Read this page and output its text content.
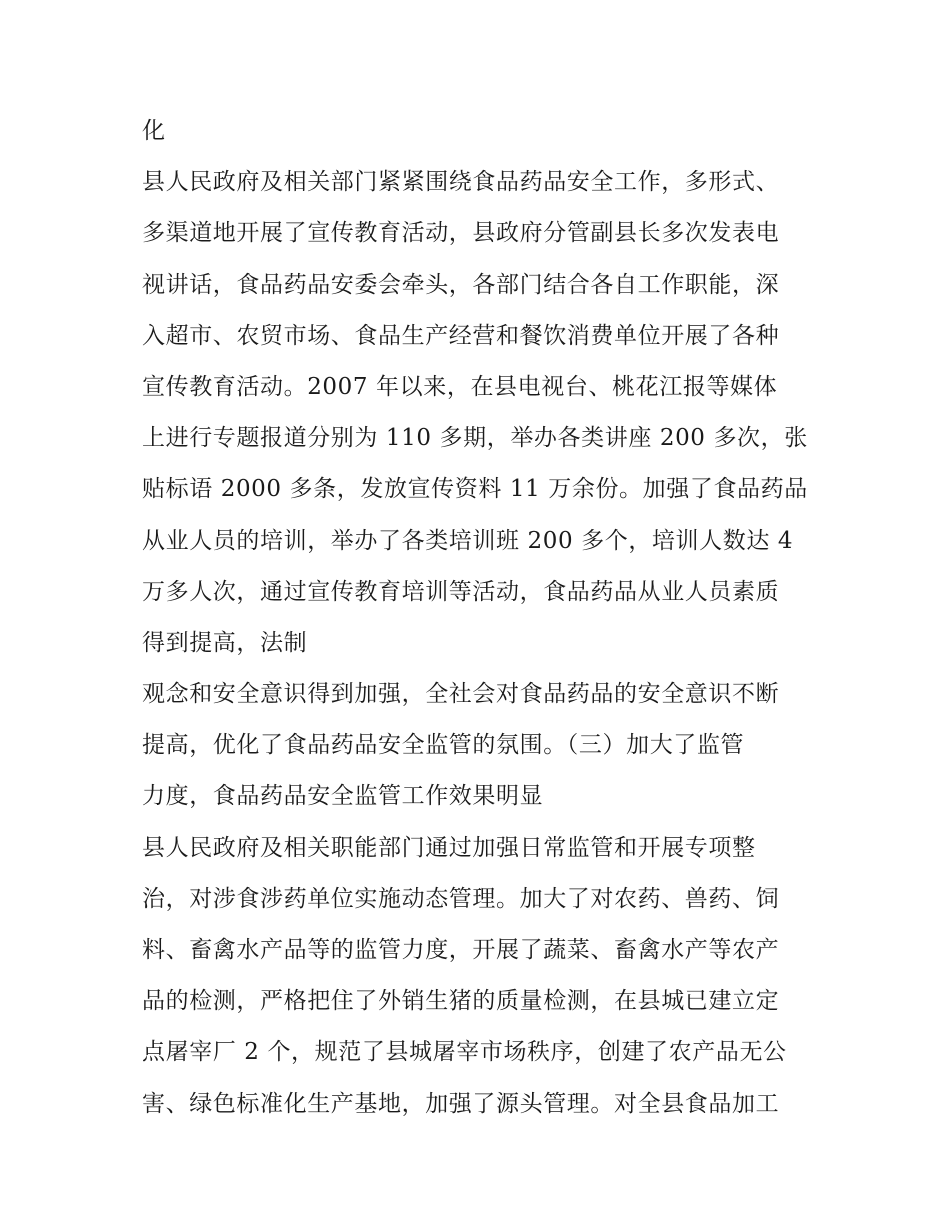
化
县人民政府及相关部门紧紧围绕食品药品安全工作，多形式、
多渠道地开展了宣传教育活动，县政府分管副县长多次发表电
视讲话，食品药品安委会牵头，各部门结合各自工作职能，深
入超市、农贸市场、食品生产经营和餐饮消费单位开展了各种
宣传教育活动。2007 年以来，在县电视台、桃花江报等媒体
上进行专题报道分别为 110 多期，举办各类讲座 200 多次，张
贴标语 2000 多条，发放宣传资料 11 万余份。加强了食品药品
从业人员的培训，举办了各类培训班 200 多个，培训人数达 4
万多人次，通过宣传教育培训等活动，食品药品从业人员素质
得到提高，法制
观念和安全意识得到加强，全社会对食品药品的安全意识不断
提高，优化了食品药品安全监管的氛围。（三）加大了监管
力度，食品药品安全监管工作效果明显
县人民政府及相关职能部门通过加强日常监管和开展专项整
治，对涉食涉药单位实施动态管理。加大了对农药、兽药、饲
料、畜禽水产品等的监管力度，开展了蔬菜、畜禽水产等农产
品的检测，严格把住了外销生猪的质量检测，在县城已建立定
点屠宰厂 2 个，规范了县城屠宰市场秩序，创建了农产品无公
害、绿色标准化生产基地，加强了源头管理。对全县食品加工
